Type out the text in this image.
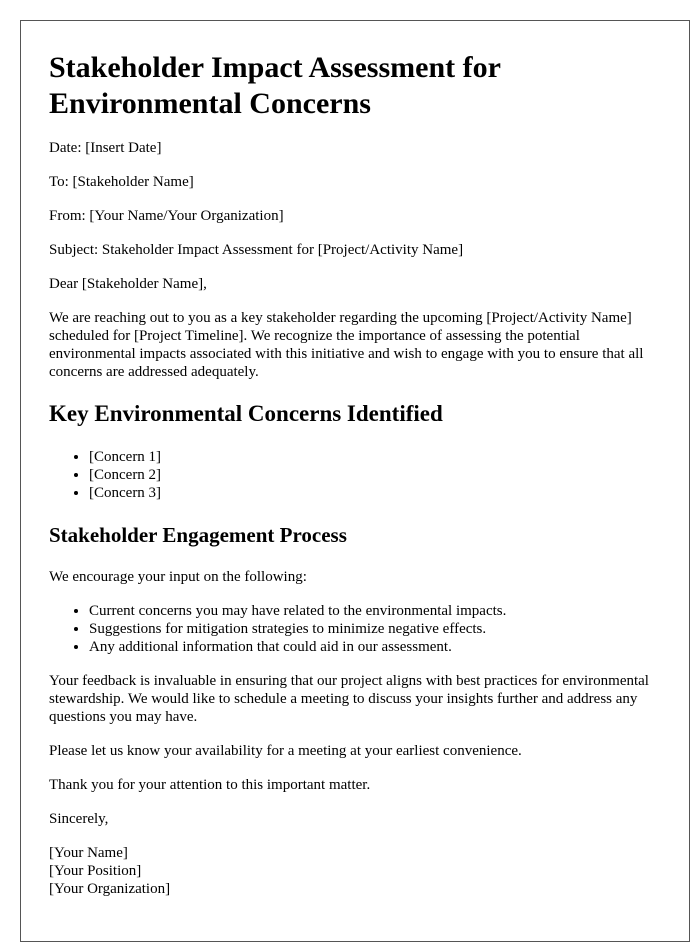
Stakeholder Impact Assessment for Environmental Concerns

Date: [Insert Date]

To: [Stakeholder Name]

From: [Your Name/Your Organization]

Subject: Stakeholder Impact Assessment for [Project/Activity Name]

Dear [Stakeholder Name],

We are reaching out to you as a key stakeholder regarding the upcoming [Project/Activity Name] scheduled for [Project Timeline]. We recognize the importance of assessing the potential environmental impacts associated with this initiative and wish to engage with you to ensure that all concerns are addressed adequately.

Key Environmental Concerns Identified
• [Concern 1]
• [Concern 2]
• [Concern 3]
Stakeholder Engagement Process

We encourage your input on the following:

• Current concerns you may have related to the environmental impacts.
• Suggestions for mitigation strategies to minimize negative effects.
• Any additional information that could aid in our assessment.

Your feedback is invaluable in ensuring that our project aligns with best practices for environmental stewardship. We would like to schedule a meeting to discuss your insights further and address any questions you may have.

Please let us know your availability for a meeting at your earliest convenience.

Thank you for your attention to this important matter.

Sincerely,

[Your Name]
[Your Position]
[Your Organization]
